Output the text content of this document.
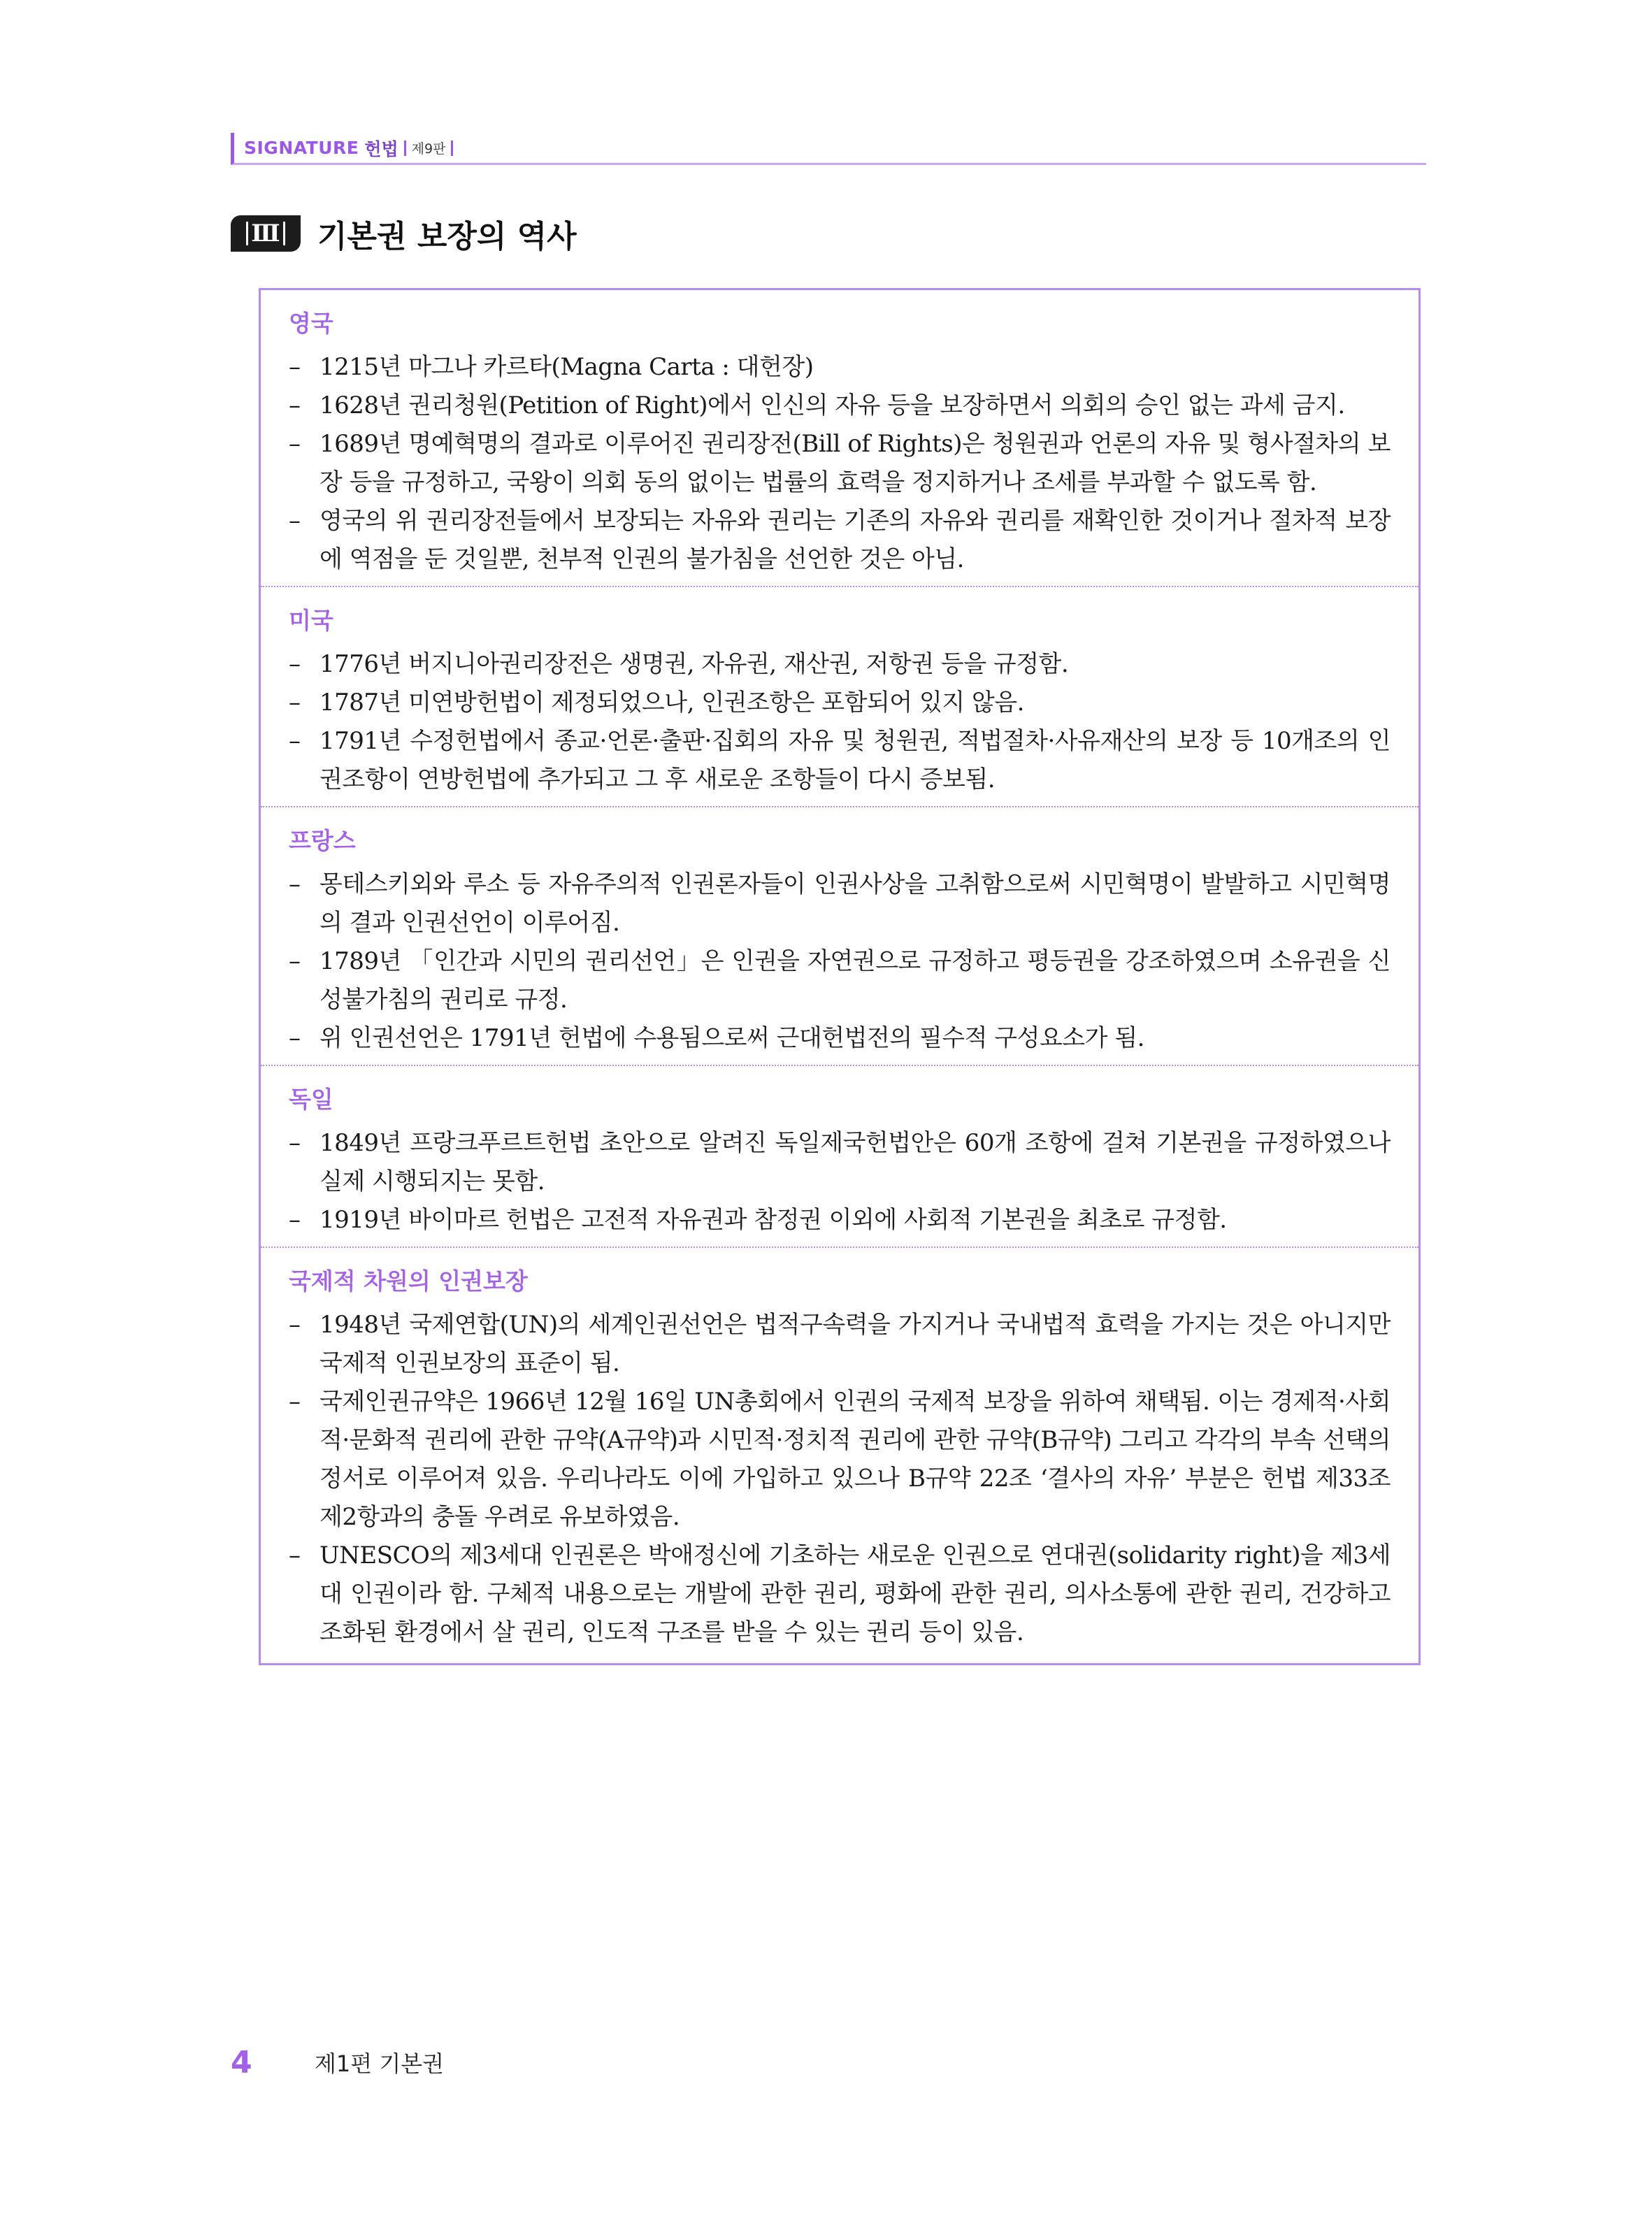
SIGNATURE 헌법 제9판
Ⅲ 기본권 보장의 역사
영국
– 1215년 마그나 카르타(Magna Carta : 대헌장)
– 1628년 권리청원(Petition of Right)에서 인신의 자유 등을 보장하면서 의회의 승인 없는 과세 금지.
– 1689년 명예혁명의 결과로 이루어진 권리장전(Bill of Rights)은 청원권과 언론의 자유 및 형사절차의 보장 등을 규정하고, 국왕이 의회 동의 없이는 법률의 효력을 정지하거나 조세를 부과할 수 없도록 함.
– 영국의 위 권리장전들에서 보장되는 자유와 권리는 기존의 자유와 권리를 재확인한 것이거나 절차적 보장에 역점을 둔 것일뿐, 천부적 인권의 불가침을 선언한 것은 아님.
미국
– 1776년 버지니아권리장전은 생명권, 자유권, 재산권, 저항권 등을 규정함.
– 1787년 미연방헌법이 제정되었으나, 인권조항은 포함되어 있지 않음.
– 1791년 수정헌법에서 종교·언론·출판·집회의 자유 및 청원권, 적법절차·사유재산의 보장 등 10개조의 인권조항이 연방헌법에 추가되고 그 후 새로운 조항들이 다시 증보됨.
프랑스
– 몽테스키외와 루소 등 자유주의적 인권론자들이 인권사상을 고취함으로써 시민혁명이 발발하고 시민혁명의 결과 인권선언이 이루어짐.
– 1789년 「인간과 시민의 권리선언」은 인권을 자연권으로 규정하고 평등권을 강조하였으며 소유권을 신성불가침의 권리로 규정.
– 위 인권선언은 1791년 헌법에 수용됨으로써 근대헌법전의 필수적 구성요소가 됨.
독일
– 1849년 프랑크푸르트헌법 초안으로 알려진 독일제국헌법안은 60개 조항에 걸쳐 기본권을 규정하였으나 실제 시행되지는 못함.
– 1919년 바이마르 헌법은 고전적 자유권과 참정권 이외에 사회적 기본권을 최초로 규정함.
국제적 차원의 인권보장
– 1948년 국제연합(UN)의 세계인권선언은 법적구속력을 가지거나 국내법적 효력을 가지는 것은 아니지만 국제적 인권보장의 표준이 됨.
– 국제인권규약은 1966년 12월 16일 UN총회에서 인권의 국제적 보장을 위하여 채택됨. 이는 경제적·사회적·문화적 권리에 관한 규약(A규약)과 시민적·정치적 권리에 관한 규약(B규약) 그리고 각각의 부속 선택의정서로 이루어져 있음. 우리나라도 이에 가입하고 있으나 B규약 22조 ‘결사의 자유’ 부분은 헌법 제33조 제2항과의 충돌 우려로 유보하였음.
– UNESCO의 제3세대 인권론은 박애정신에 기초하는 새로운 인권으로 연대권(solidarity right)을 제3세대 인권이라 함. 구체적 내용으로는 개발에 관한 권리, 평화에 관한 권리, 의사소통에 관한 권리, 건강하고 조화된 환경에서 살 권리, 인도적 구조를 받을 수 있는 권리 등이 있음.
4	제1편 기본권
